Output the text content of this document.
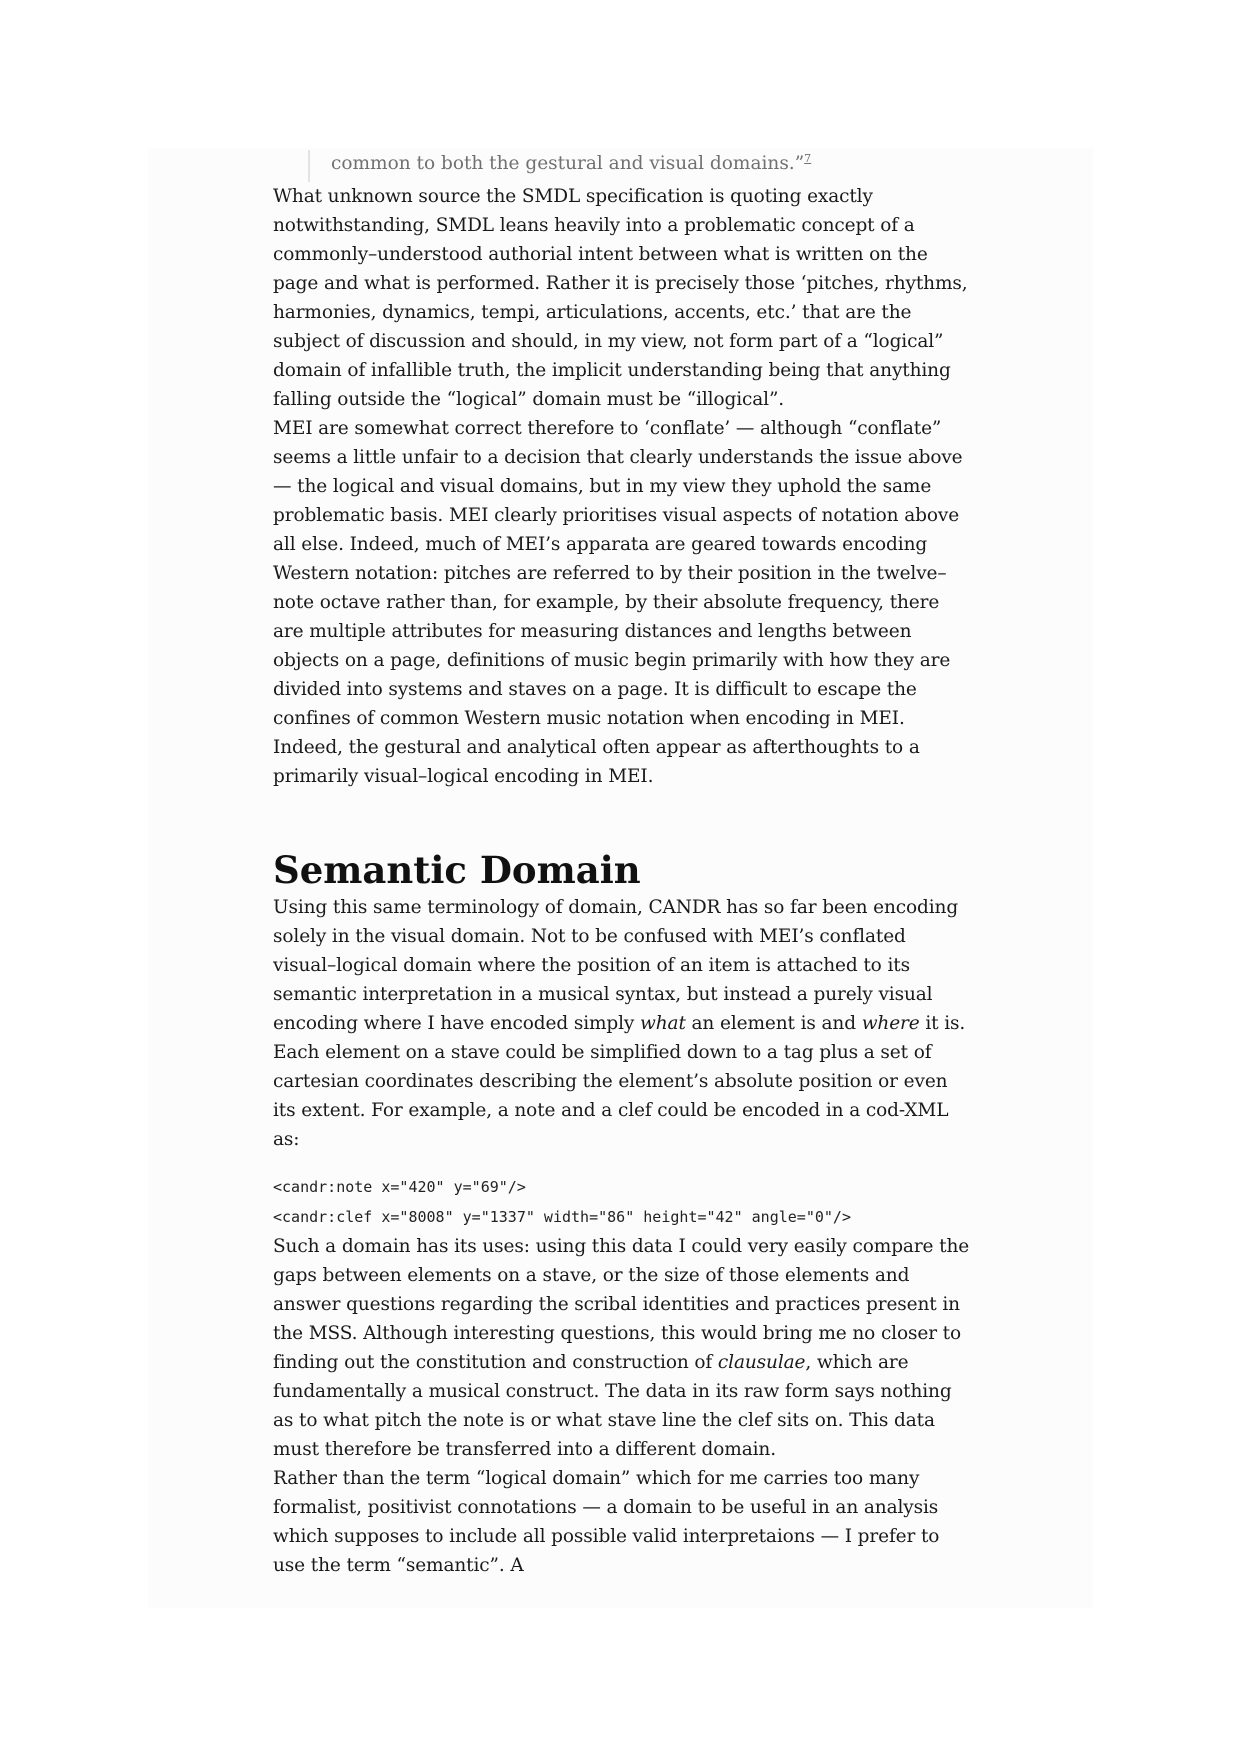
common to both the gestural and visual domains.”$^7$

What unknown source the SMDL specification is quoting exactly notwithstanding, SMDL leans heavily into a problematic concept of a commonly–understood authorial intent between what is written on the page and what is performed. Rather it is precisely those ‘pitches, rhythms, harmonies, dynamics, tempi, articulations, accents, etc.’ that are the subject of discussion and should, in my view, not form part of a “logical” domain of infallible truth, the implicit understanding being that anything falling outside the “logical” domain must be “illogical”.

MEI are somewhat correct therefore to ‘conflate’ — although “conflate” seems a little unfair to a decision that clearly understands the issue above — the logical and visual domains, but in my view they uphold the same problematic basis. MEI clearly prioritises visual aspects of notation above all else. Indeed, much of MEI’s apparata are geared towards encoding Western notation: pitches are referred to by their position in the twelve–note octave rather than, for example, by their absolute frequency, there are multiple attributes for measuring distances and lengths between objects on a page, definitions of music begin primarily with how they are divided into systems and staves on a page. It is difficult to escape the confines of common Western music notation when encoding in MEI. Indeed, the gestural and analytical often appear as afterthoughts to a primarily visual–logical encoding in MEI.

Semantic Domain

Using this same terminology of domain, CANDR has so far been encoding solely in the visual domain. Not to be confused with MEI’s conflated visual–logical domain where the position of an item is attached to its semantic interpretation in a musical syntax, but instead a purely visual encoding where I have encoded simply what an element is and where it is. Each element on a stave could be simplified down to a tag plus a set of cartesian coordinates describing the element’s absolute position or even its extent. For example, a note and a clef could be encoded in a cod-XML as:

<candr:note x="420" y="69"/>
<candr:clef x="8008" y="1337" width="86" height="42" angle="0"/>

Such a domain has its uses: using this data I could very easily compare the gaps between elements on a stave, or the size of those elements and answer questions regarding the scribal identities and practices present in the MSS. Although interesting questions, this would bring me no closer to finding out the constitution and construction of clausulae, which are fundamentally a musical construct. The data in its raw form says nothing as to what pitch the note is or what stave line the clef sits on. This data must therefore be transferred into a different domain.

Rather than the term “logical domain” which for me carries too many formalist, positivist connotations — a domain to be useful in an analysis which supposes to include all possible valid interpretaions — I prefer to use the term “semantic”. A
